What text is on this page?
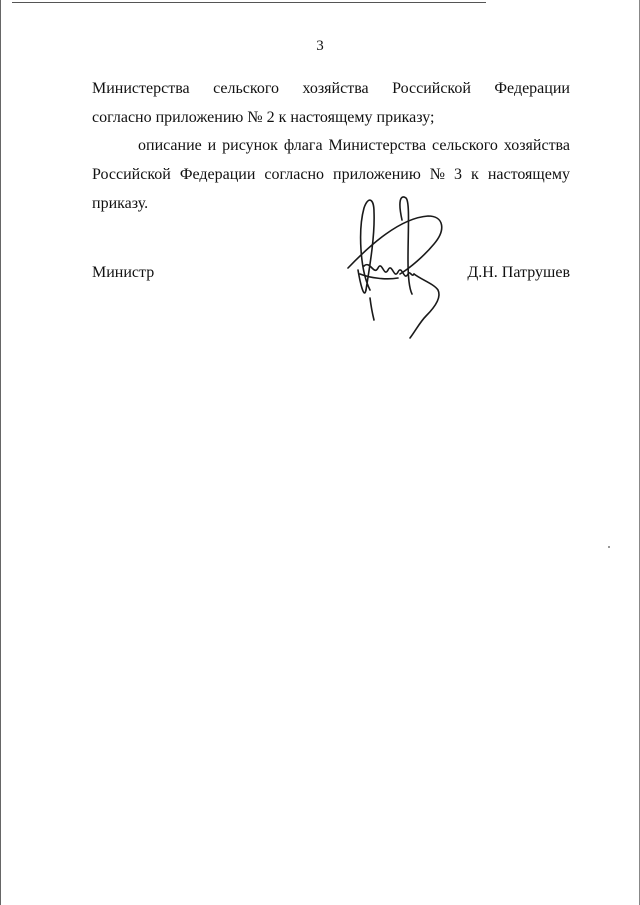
3
Министерства сельского хозяйства Российской Федерации
согласно приложению № 2 к настоящему приказу;
описание и рисунок флага Министерства сельского хозяйства
Российской Федерации согласно приложению № 3 к настоящему
приказу.
Министр	Д.Н. Патрушев
